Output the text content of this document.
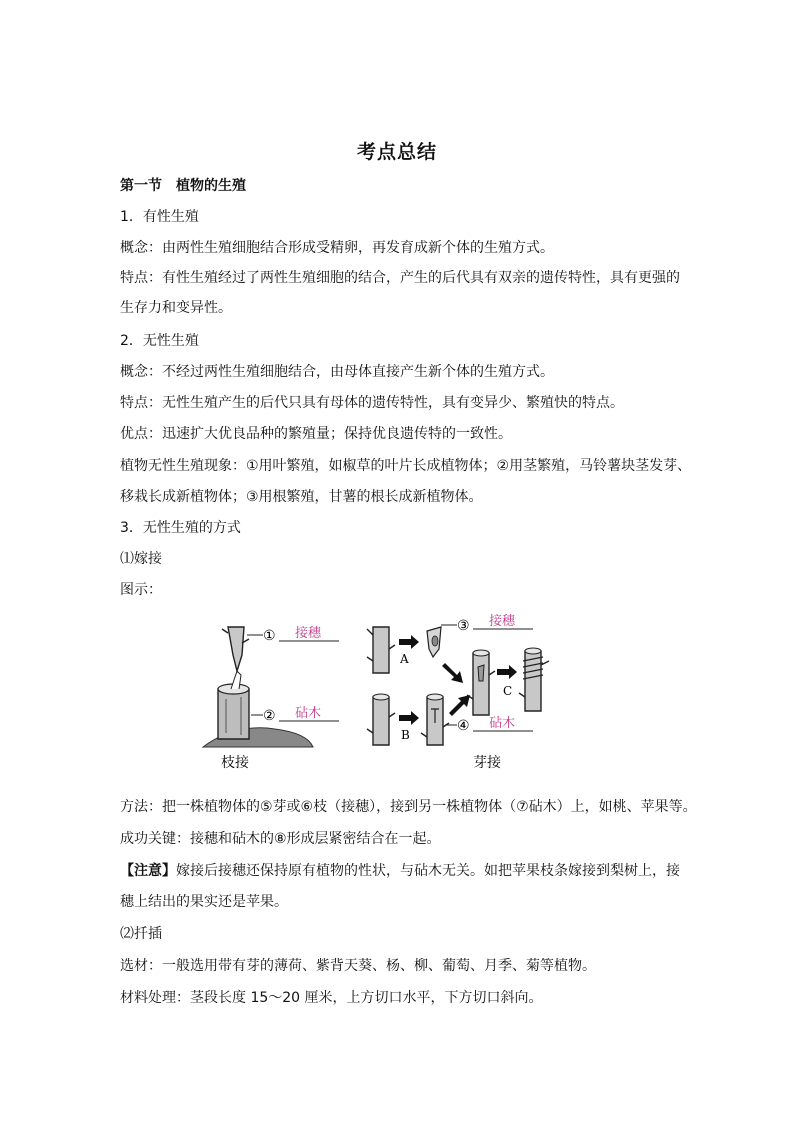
考点总结
第一节　植物的生殖
1．有性生殖
概念：由两性生殖细胞结合形成受精卵，再发育成新个体的生殖方式。
特点：有性生殖经过了两性生殖细胞的结合，产生的后代具有双亲的遗传特性，具有更强的
生存力和变异性。
2．无性生殖
概念：不经过两性生殖细胞结合，由母体直接产生新个体的生殖方式。
特点：无性生殖产生的后代只具有母体的遗传特性，具有变异少、繁殖快的特点。
优点：迅速扩大优良品种的繁殖量；保持优良遗传特的一致性。
植物无性生殖现象：①用叶繁殖，如椒草的叶片长成植物体；②用茎繁殖，马铃薯块茎发芽、
移栽长成新植物体；③用根繁殖，甘薯的根长成新植物体。
3．无性生殖的方式
⑴嫁接
图示：
① 接穗
② 砧木
A
③ 接穗
C
B
④ 砧木
枝接	芽接
方法：把一株植物体的⑤芽或⑥枝（接穗），接到另一株植物体（⑦砧木）上，如桃、苹果等。
成功关键：接穗和砧木的⑧形成层紧密结合在一起。
【注意】嫁接后接穗还保持原有植物的性状，与砧木无关。如把苹果枝条嫁接到梨树上，接
穗上结出的果实还是苹果。
⑵扦插
选材：一般选用带有芽的薄荷、紫背天葵、杨、柳、葡萄、月季、菊等植物。
材料处理：茎段长度 15～20 厘米，上方切口水平，下方切口斜向。
